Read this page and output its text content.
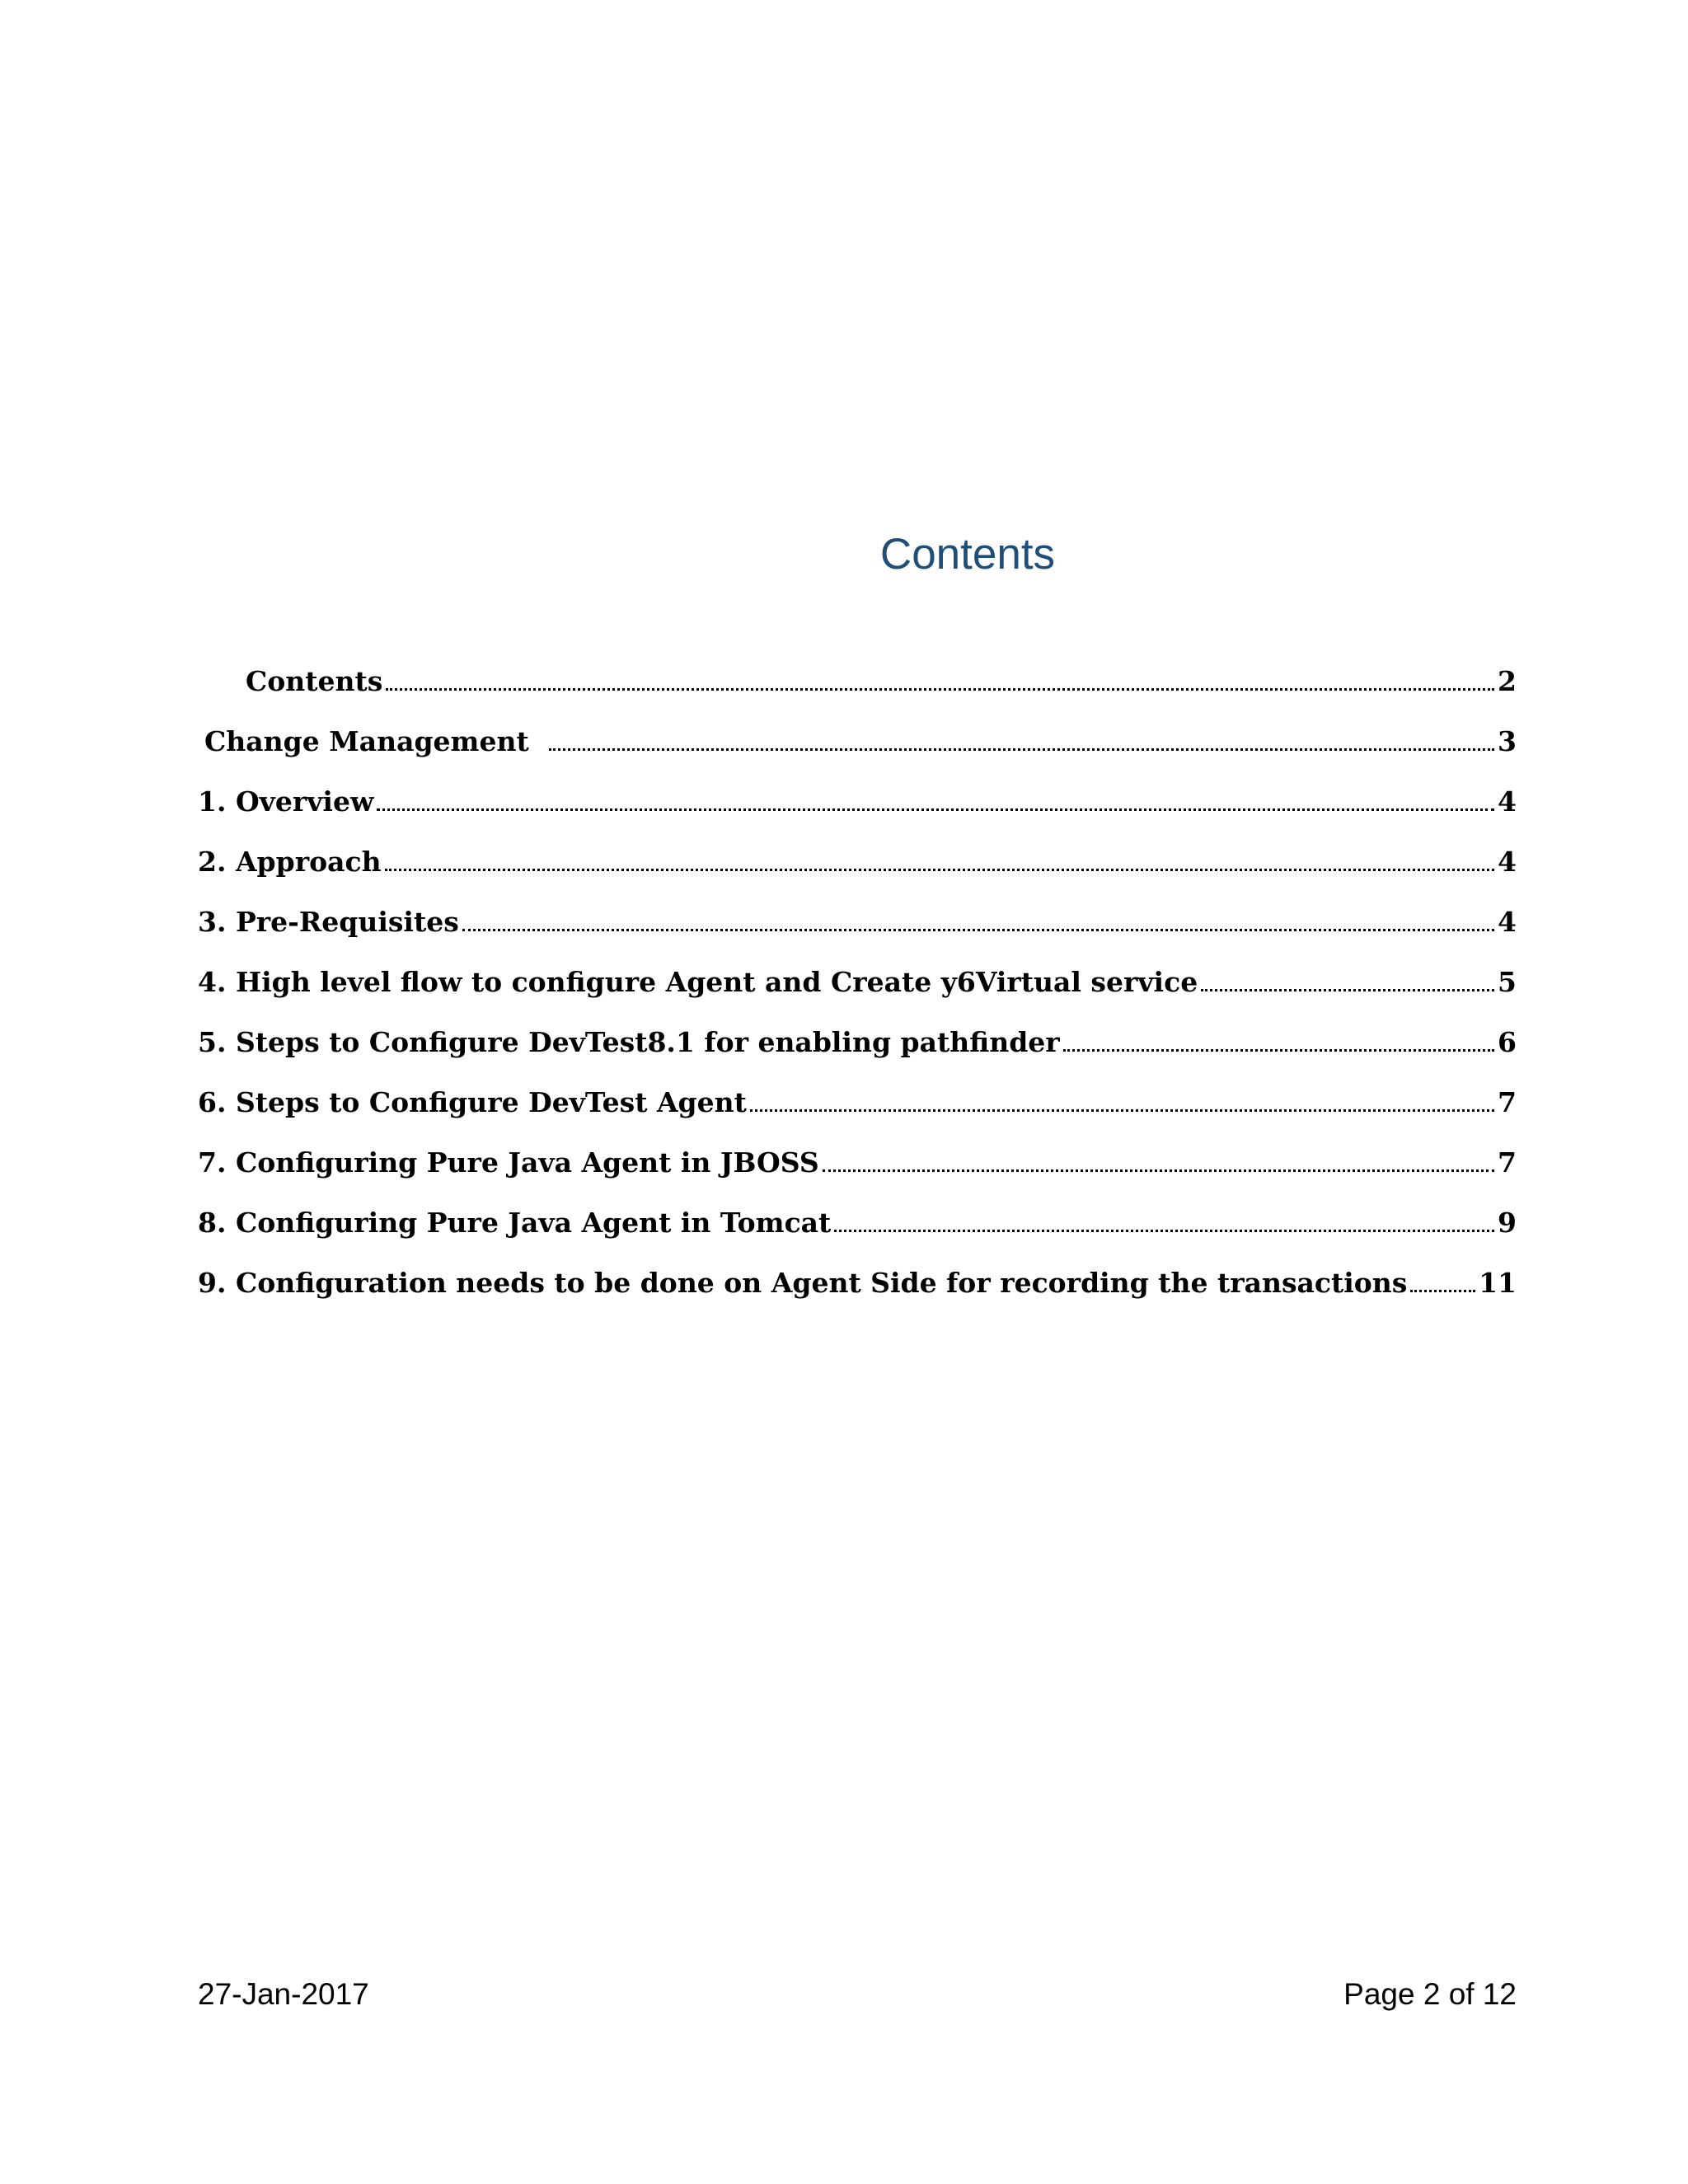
Contents
Contents	2
Change Management	3
1. Overview	4
2. Approach	4
3. Pre-Requisites	4
4. High level flow to configure Agent and Create y6Virtual service	5
5. Steps to Configure DevTest8.1 for enabling pathfinder	6
6. Steps to Configure DevTest Agent	7
7. Configuring Pure Java Agent in JBOSS	7
8. Configuring Pure Java Agent in Tomcat	9
9. Configuration needs to be done on Agent Side for recording the transactions	11
27-Jan-2017	Page 2 of 12
